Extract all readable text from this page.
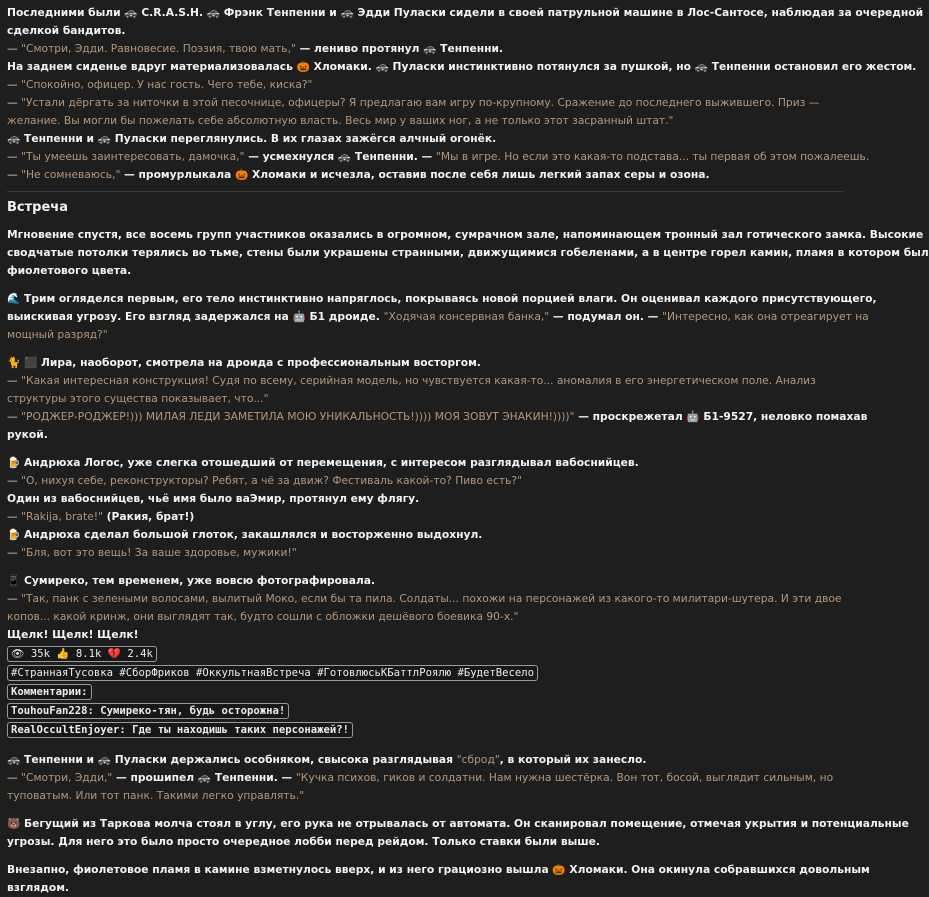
Последними были 🚓 C.R.A.S.H. 🚓 Фрэнк Тенпенни и 🚓 Эдди Пуласки сидели в своей патрульной машине в Лос-Сантосе, наблюдая за очередной

сделкой бандитов.

— "Смотри, Эдди. Равновесие. Поэзия, твою мать," — лениво протянул 🚓 Тенпенни.

На заднем сиденье вдруг материализовалась 🎃 Хломаки. 🚓 Пуласки инстинктивно потянулся за пушкой, но 🚓 Тенпенни остановил его жестом.

— "Спокойно, офицер. У нас гость. Чего тебе, киска?"

— "Устали дёргать за ниточки в этой песочнице, офицеры? Я предлагаю вам игру по-крупному. Сражение до последнего выжившего. Приз —

желание. Вы могли бы пожелать себе абсолютную власть. Весь мир у ваших ног, а не только этот засранный штат."

🚓 Тенпенни и 🚓 Пуласки переглянулись. В их глазах зажёгся алчный огонёк.

— "Ты умеешь заинтересовать, дамочка," — усмехнулся 🚓 Тенпенни. — "Мы в игре. Но если это какая-то подстава... ты первая об этом пожалеешь.

— "Не сомневаюсь," — промурлыкала 🎃 Хломаки и исчезла, оставив после себя лишь легкий запах серы и озона.

Встреча

Мгновение спустя, все восемь групп участников оказались в огромном, сумрачном зале, напоминающем тронный зал готического замка. Высокие

сводчатые потолки терялись во тьме, стены были украшены странными, движущимися гобеленами, а в центре горел камин, пламя в котором был

фиолетового цвета.

🌊 Трим огляделся первым, его тело инстинктивно напряглось, покрываясь новой порцией влаги. Он оценивал каждого присутствующего,

выискивая угрозу. Его взгляд задержался на 🤖 Б1 дроиде. "Ходячая консервная банка," — подумал он. — "Интересно, как она отреагирует на

мощный разряд?"

🐈 ⬛ Лира, наоборот, смотрела на дроида с профессиональным восторгом.

— "Какая интересная конструкция! Судя по всему, серийная модель, но чувствуется какая-то... аномалия в его энергетическом поле. Анализ

структуры этого существа показывает, что..."

— "РОДЖЕР-РОДЖЕР!))) МИЛАЯ ЛЕДИ ЗАМЕТИЛА МОЮ УНИКАЛЬНОСТЬ!)))) МОЯ ЗОВУТ ЭНАКИН!))))" — проскрежетал 🤖 Б1-9527, неловко помахав

рукой.

🍺 Андрюха Логос, уже слегка отошедший от перемещения, с интересом разглядывал вабоснийцев.

— "О, нихуя себе, реконструкторы? Ребят, а чё за движ? Фестиваль какой-то? Пиво есть?"

Один из вабоснийцев, чьё имя было ваЭмир, протянул ему флягу.

— "Rakija, brate!" (Ракия, брат!)

🍺 Андрюха сделал большой глоток, закашлялся и восторженно выдохнул.

— "Бля, вот это вещь! За ваше здоровье, мужики!"

📱 Сумиреко, тем временем, уже вовсю фотографировала.

— "Так, панк с зелеными волосами, вылитый Моко, если бы та пила. Солдаты... похожи на персонажей из какого-то милитари-шутера. И эти двое

копов... какой кринж, они выглядят так, будто сошли с обложки дешёвого боевика 90-х."

Щелк! Щелк! Щелк!

👁 35k 👍 8.1k 💔 2.4k
#СтраннаяТусовка #СборФриков #ОккультнаяВстреча #ГотовлюсьКБаттлРоялю #БудетВесело
Комментарии:
TouhouFan228: Сумиреко-тян, будь осторожна!
RealOccultEnjoyer: Где ты находишь таких персонажей?!

🚓 Тенпенни и 🚓 Пуласки держались особняком, свысока разглядывая "сброд", в который их занесло.

— "Смотри, Эдди," — прошипел 🚓 Тенпенни. — "Кучка психов, гиков и солдатни. Нам нужна шестёрка. Вон тот, босой, выглядит сильным, но

туповатым. Или тот панк. Такими легко управлять."

🐻 Бегущий из Таркова молча стоял в углу, его рука не отрывалась от автомата. Он сканировал помещение, отмечая укрытия и потенциальные

угрозы. Для него это было просто очередное лобби перед рейдом. Только ставки были выше.

Внезапно, фиолетовое пламя в камине взметнулось вверх, и из него грациозно вышла 🎃 Хломаки. Она окинула собравшихся довольным

взглядом.
